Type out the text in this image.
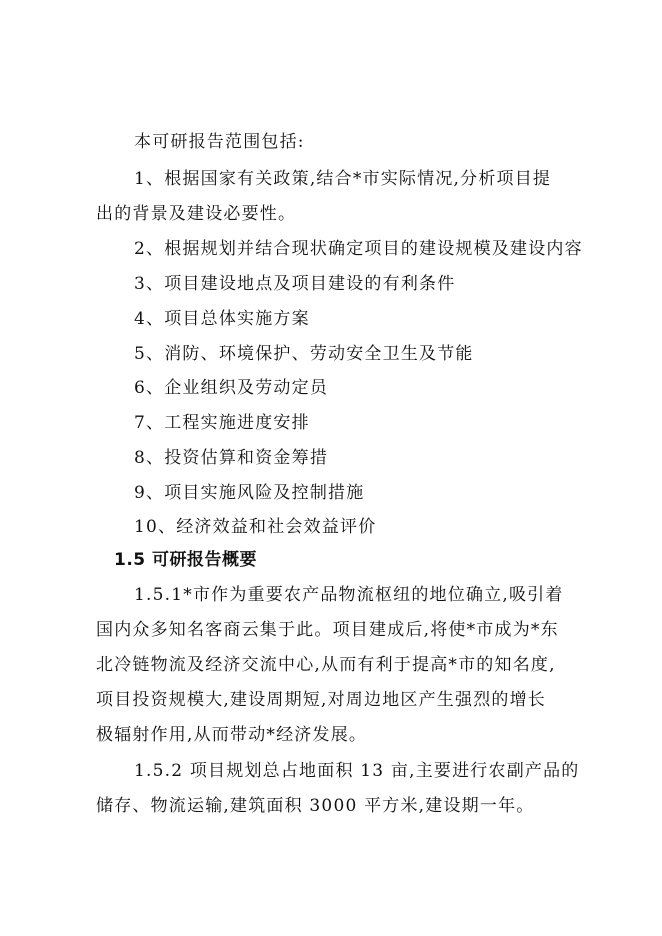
本可研报告范围包括:
1、根据国家有关政策,结合*市实际情况,分析项目提
出的背景及建设必要性。
2、根据规划并结合现状确定项目的建设规模及建设内容
3、项目建设地点及项目建设的有利条件
4、项目总体实施方案
5、消防、环境保护、劳动安全卫生及节能
6、企业组织及劳动定员
7、工程实施进度安排
8、投资估算和资金筹措
9、项目实施风险及控制措施
10、经济效益和社会效益评价
1.5 可研报告概要
1.5.1*市作为重要农产品物流枢纽的地位确立,吸引着
国内众多知名客商云集于此。项目建成后,将使*市成为*东
北冷链物流及经济交流中心,从而有利于提高*市的知名度,
项目投资规模大,建设周期短,对周边地区产生强烈的增长
极辐射作用,从而带动*经济发展。
1.5.2 项目规划总占地面积 13 亩,主要进行农副产品的
储存、物流运输,建筑面积 3000 平方米,建设期一年。
